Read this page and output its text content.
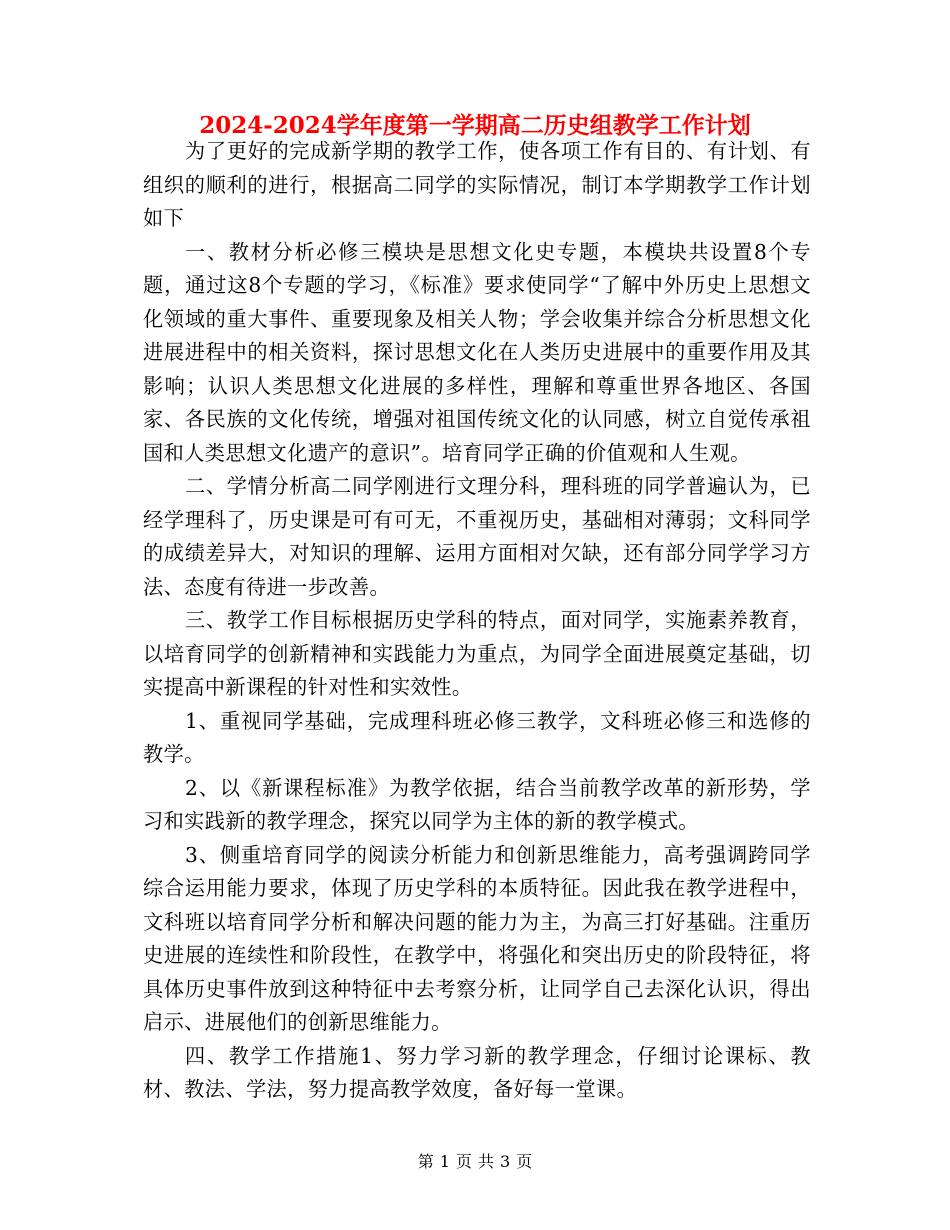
2024-2024学年度第一学期高二历史组教学工作计划

为了更好的完成新学期的教学工作，使各项工作有目的、有计划、有组织的顺利的进行，根据高二同学的实际情况，制订本学期教学工作计划如下

一、教材分析必修三模块是思想文化史专题，本模块共设置8个专题，通过这8个专题的学习，《标准》要求使同学“了解中外历史上思想文化领域的重大事件、重要现象及相关人物；学会收集并综合分析思想文化进展进程中的相关资料，探讨思想文化在人类历史进展中的重要作用及其影响；认识人类思想文化进展的多样性，理解和尊重世界各地区、各国家、各民族的文化传统，增强对祖国传统文化的认同感，树立自觉传承祖国和人类思想文化遗产的意识”。培育同学正确的价值观和人生观。

二、学情分析高二同学刚进行文理分科，理科班的同学普遍认为，已经学理科了，历史课是可有可无，不重视历史，基础相对薄弱；文科同学的成绩差异大，对知识的理解、运用方面相对欠缺，还有部分同学学习方法、态度有待进一步改善。

三、教学工作目标根据历史学科的特点，面对同学，实施素养教育，以培育同学的创新精神和实践能力为重点，为同学全面进展奠定基础，切实提高中新课程的针对性和实效性。

1、重视同学基础，完成理科班必修三教学，文科班必修三和选修的教学。

2、以《新课程标准》为教学依据，结合当前教学改革的新形势，学习和实践新的教学理念，探究以同学为主体的新的教学模式。

3、侧重培育同学的阅读分析能力和创新思维能力，高考强调跨同学综合运用能力要求，体现了历史学科的本质特征。因此我在教学进程中，文科班以培育同学分析和解决问题的能力为主，为高三打好基础。注重历史进展的连续性和阶段性，在教学中，将强化和突出历史的阶段特征，将具体历史事件放到这种特征中去考察分析，让同学自己去深化认识，得出启示、进展他们的创新思维能力。

四、教学工作措施1、努力学习新的教学理念，仔细讨论课标、教材、教法、学法，努力提高教学效度，备好每一堂课。

第 1 页 共 3 页
